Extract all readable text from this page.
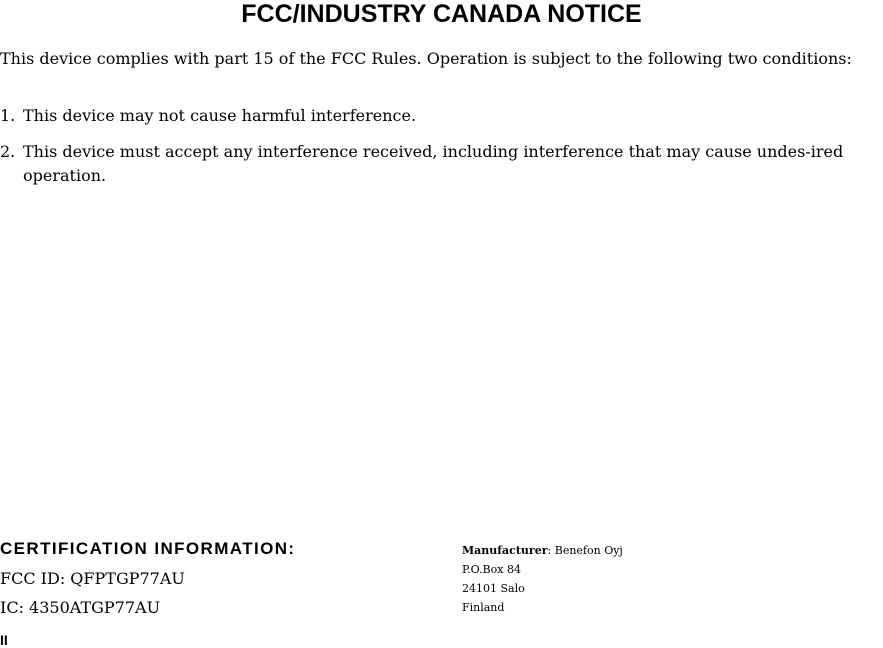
FCC/INDUSTRY CANADA NOTICE

This device complies with part 15 of the FCC Rules. Operation is subject to the following two conditions:

1. This device may not cause harmful interference.
2. This device must accept any interference received, including interference that may cause undes-ired operation.
CERTIFICATION INFORMATION:

FCC ID: QFPTGP77AU

IC: 4350ATGP77AU

Manufacturer: Benefon Oyj
P.O.Box 84
24101 Salo
Finland
II
